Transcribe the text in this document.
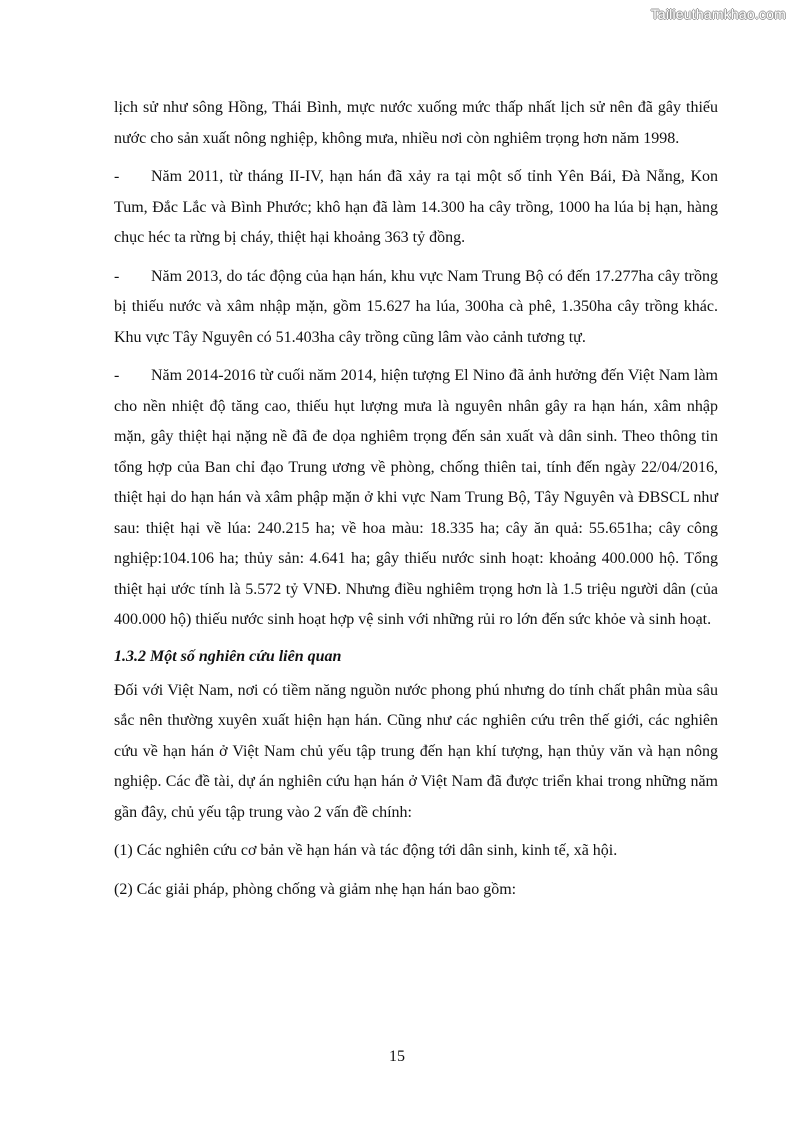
Tailieuthamkhao.com

lịch sử như sông Hồng, Thái Bình, mực nước xuống mức thấp nhất lịch sử nên đã gây thiếu nước cho sản xuất nông nghiệp, không mưa, nhiều nơi còn nghiêm trọng hơn năm 1998.

- Năm 2011, từ tháng II-IV, hạn hán đã xảy ra tại một số tỉnh Yên Bái, Đà Nẵng, Kon Tum, Đắc Lắc và Bình Phước; khô hạn đã làm 14.300 ha cây trồng, 1000 ha lúa bị hạn, hàng chục héc ta rừng bị cháy, thiệt hại khoảng 363 tỷ đồng.

- Năm 2013, do tác động của hạn hán, khu vực Nam Trung Bộ có đến 17.277ha cây trồng bị thiếu nước và xâm nhập mặn, gồm 15.627 ha lúa, 300ha cà phê, 1.350ha cây trồng khác. Khu vực Tây Nguyên có 51.403ha cây trồng cũng lâm vào cảnh tương tự.

- Năm 2014-2016 từ cuối năm 2014, hiện tượng El Nino đã ảnh hưởng đến Việt Nam làm cho nền nhiệt độ tăng cao, thiếu hụt lượng mưa là nguyên nhân gây ra hạn hán, xâm nhập mặn, gây thiệt hại nặng nề đã đe dọa nghiêm trọng đến sản xuất và dân sinh. Theo thông tin tổng hợp của Ban chỉ đạo Trung ương về phòng, chống thiên tai, tính đến ngày 22/04/2016, thiệt hại do hạn hán và xâm phập mặn ở khi vực Nam Trung Bộ, Tây Nguyên và ĐBSCL như sau: thiệt hại về lúa: 240.215 ha; về hoa màu: 18.335 ha; cây ăn quả: 55.651ha; cây công nghiệp:104.106 ha; thủy sản: 4.641 ha; gây thiếu nước sinh hoạt: khoảng 400.000 hộ. Tổng thiệt hại ước tính là 5.572 tỷ VNĐ. Nhưng điều nghiêm trọng hơn là 1.5 triệu người dân (của 400.000 hộ) thiếu nước sinh hoạt hợp vệ sinh với những rủi ro lớn đến sức khỏe và sinh hoạt.

1.3.2 Một số nghiên cứu liên quan

Đối với Việt Nam, nơi có tiềm năng nguồn nước phong phú nhưng do tính chất phân mùa sâu sắc nên thường xuyên xuất hiện hạn hán. Cũng như các nghiên cứu trên thế giới, các nghiên cứu về hạn hán ở Việt Nam chủ yếu tập trung đến hạn khí tượng, hạn thủy văn và hạn nông nghiệp. Các đề tài, dự án nghiên cứu hạn hán ở Việt Nam đã được triển khai trong những năm gần đây, chủ yếu tập trung vào 2 vấn đề chính:

(1) Các nghiên cứu cơ bản về hạn hán và tác động tới dân sinh, kinh tế, xã hội.

(2) Các giải pháp, phòng chống và giảm nhẹ hạn hán bao gồm:

15
